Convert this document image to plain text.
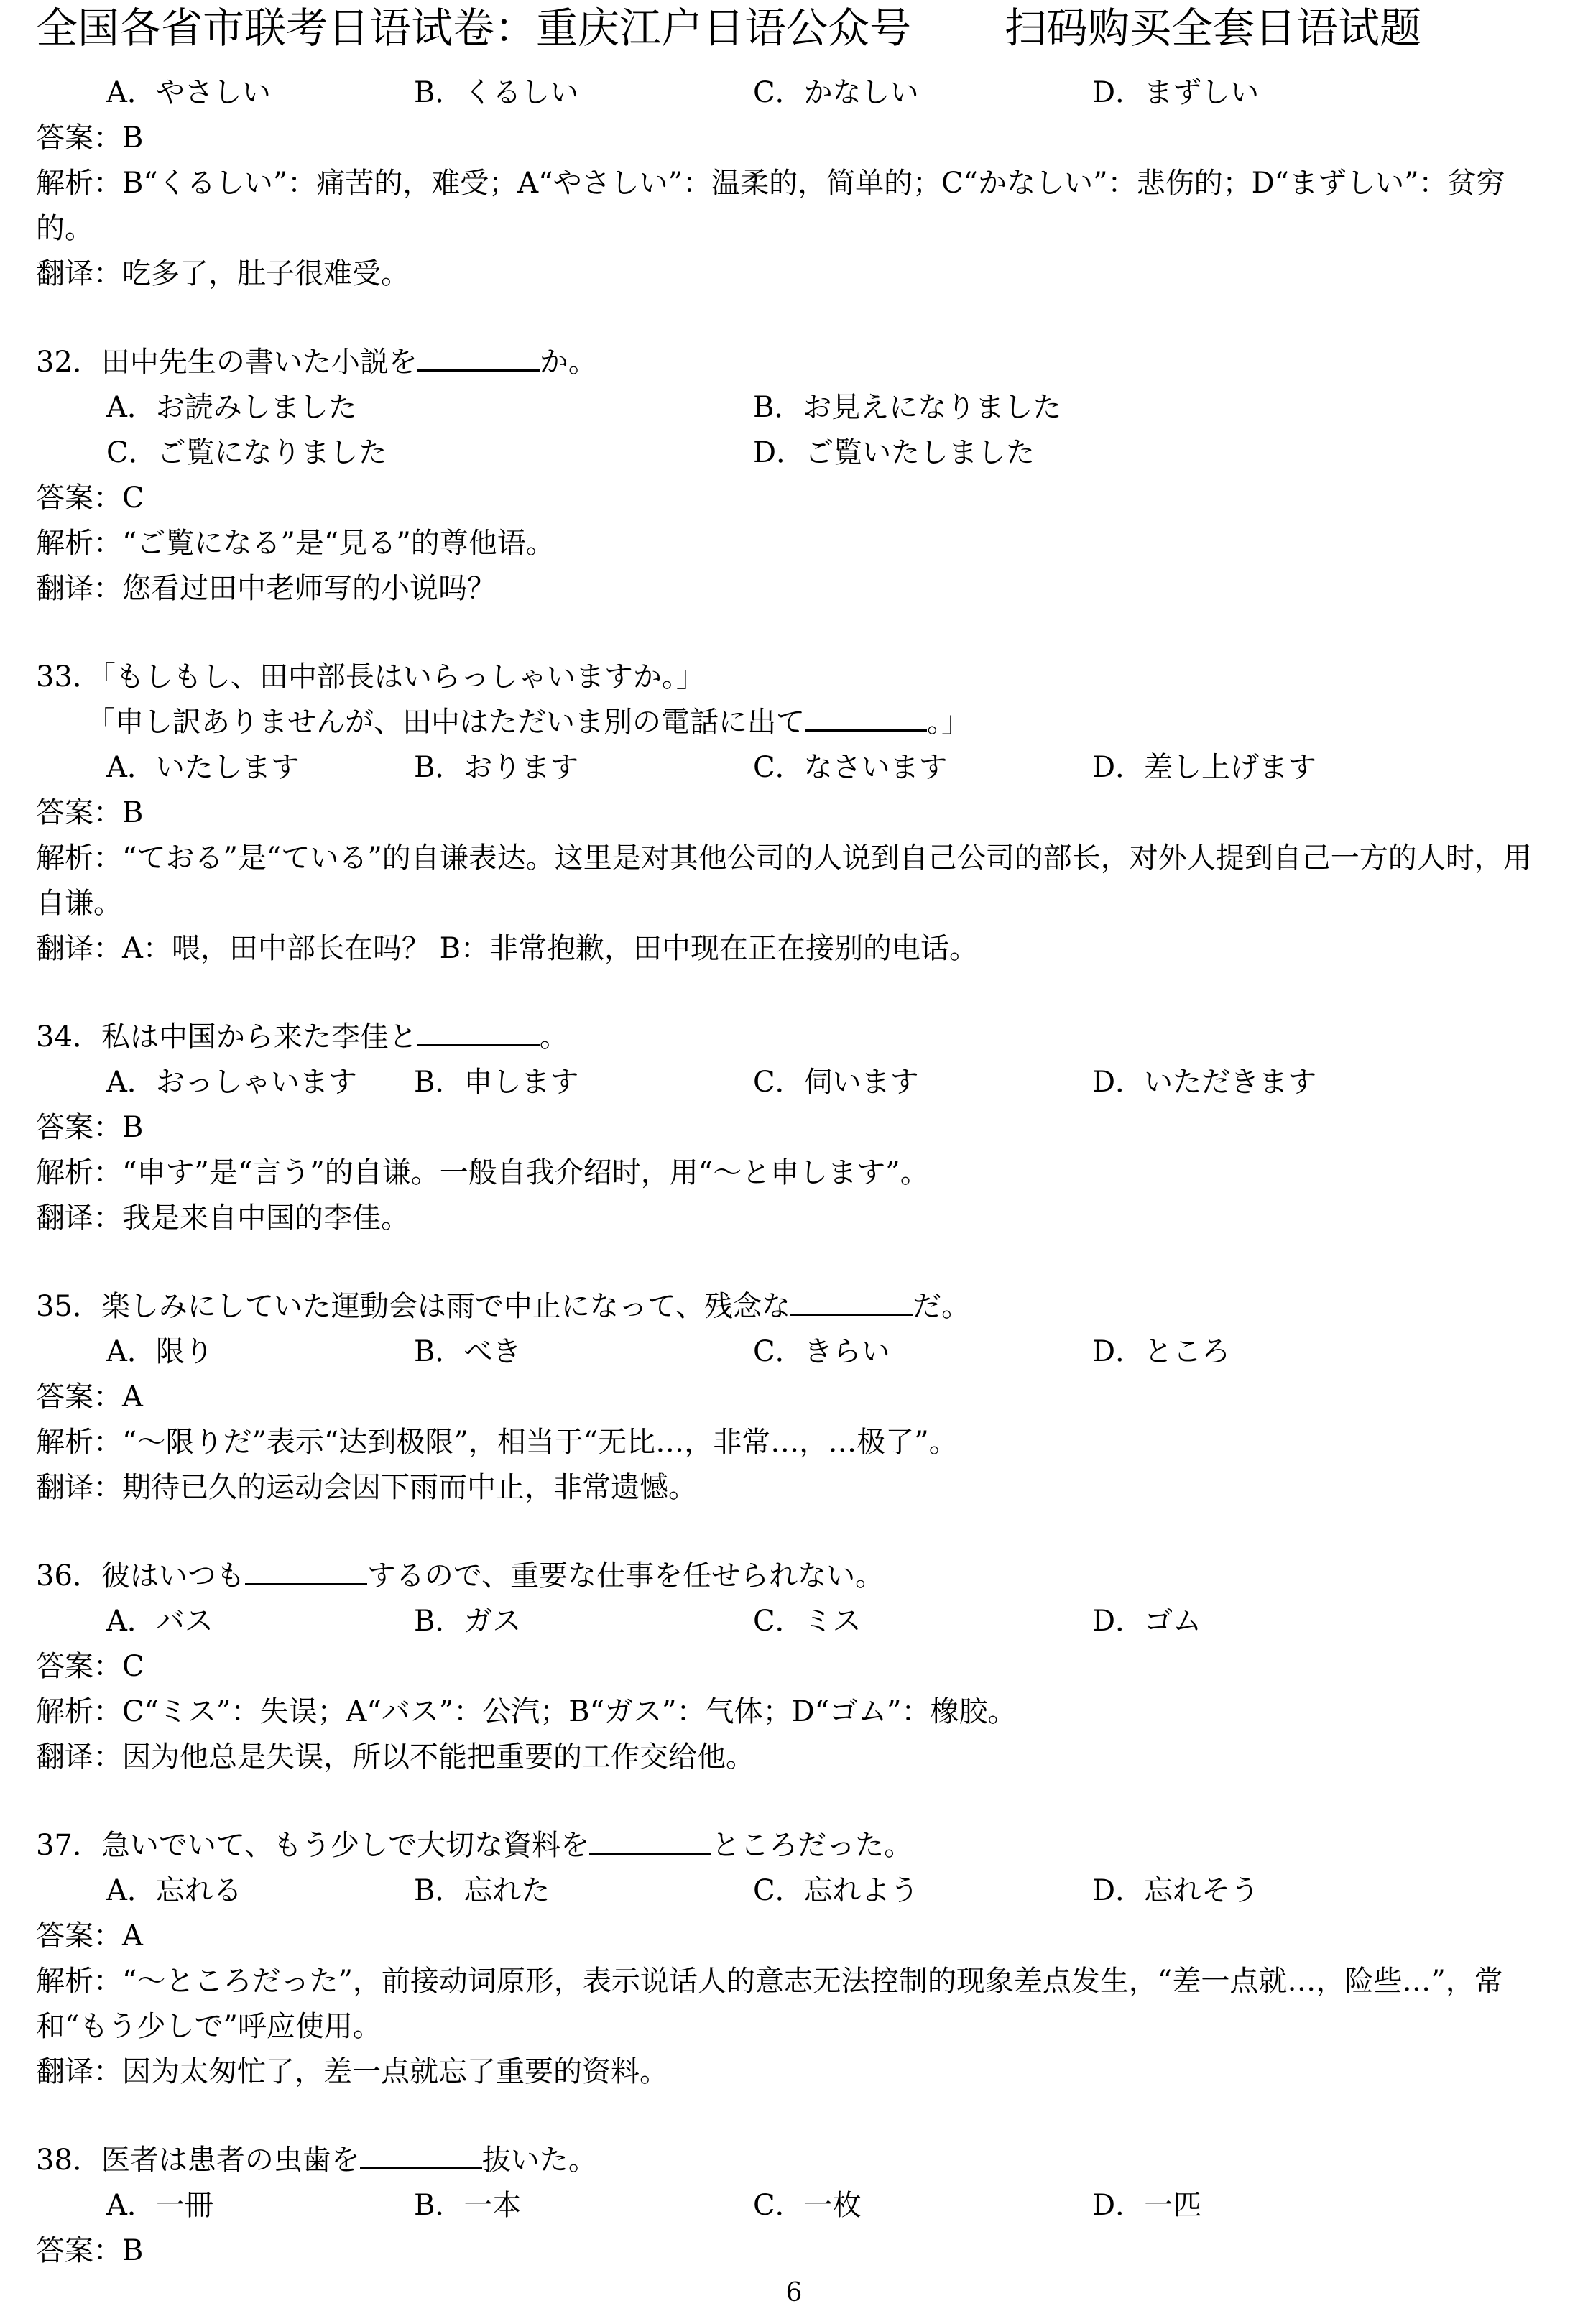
全国各省市联考日语试卷：重庆江户日语公众号 扫码购买全套日语试题
A．やさしい	B．くるしい	C．かなしい	D．まずしい
答案：B
解析：B“くるしい”：痛苦的，难受；A“やさしい”：温柔的，简单的；C“かなしい”：悲伤的；D“まずしい”：贫穷的。
翻译：吃多了，肚子很难受。
32．田中先生の書いた小説を	か。
A．お読みしました	B．お見えになりました
C．ご覧になりました	D．ご覧いたしました
答案：C
解析：“ご覧になる”是“見る”的尊他语。
翻译：您看过田中老师写的小说吗？
33．「もしもし、田中部長はいらっしゃいますか。」
「申し訳ありませんが、田中はただいま別の電話に出て	。」
A．いたします	B．おります	C．なさいます	D．差し上げます
答案：B
解析：“ておる”是“ている”的自谦表达。这里是对其他公司的人说到自己公司的部长，对外人提到自己一方的人时，用自谦。
翻译：A：喂，田中部长在吗？ B：非常抱歉，田中现在正在接别的电话。
34．私は中国から来た李佳と	。
A．おっしゃいます	B．申します	C．伺います	D．いただきます
答案：B
解析：“申す”是“言う”的自谦。一般自我介绍时，用“～と申します”。
翻译：我是来自中国的李佳。
35．楽しみにしていた運動会は雨で中止になって、残念な	だ。
A．限り	B．べき	C．きらい	D．ところ
答案：A
解析：“～限りだ”表示“达到极限”，相当于“无比…，非常…，…极了”。
翻译：期待已久的运动会因下雨而中止，非常遗憾。
36．彼はいつも	するので、重要な仕事を任せられない。
A．バス	B．ガス	C．ミス	D．ゴム
答案：C
解析：C“ミス”：失误；A“バス”：公汽；B“ガス”：气体；D“ゴム”：橡胶。
翻译：因为他总是失误，所以不能把重要的工作交给他。
37．急いでいて、もう少しで大切な資料を	ところだった。
A．忘れる	B．忘れた	C．忘れよう	D．忘れそう
答案：A
解析：“～ところだった”，前接动词原形，表示说话人的意志无法控制的现象差点发生，“差一点就…，险些…”，常和“もう少しで”呼应使用。
翻译：因为太匆忙了，差一点就忘了重要的资料。
38．医者は患者の虫歯を	抜いた。
A．一冊	B．一本	C．一枚	D．一匹
答案：B
6
